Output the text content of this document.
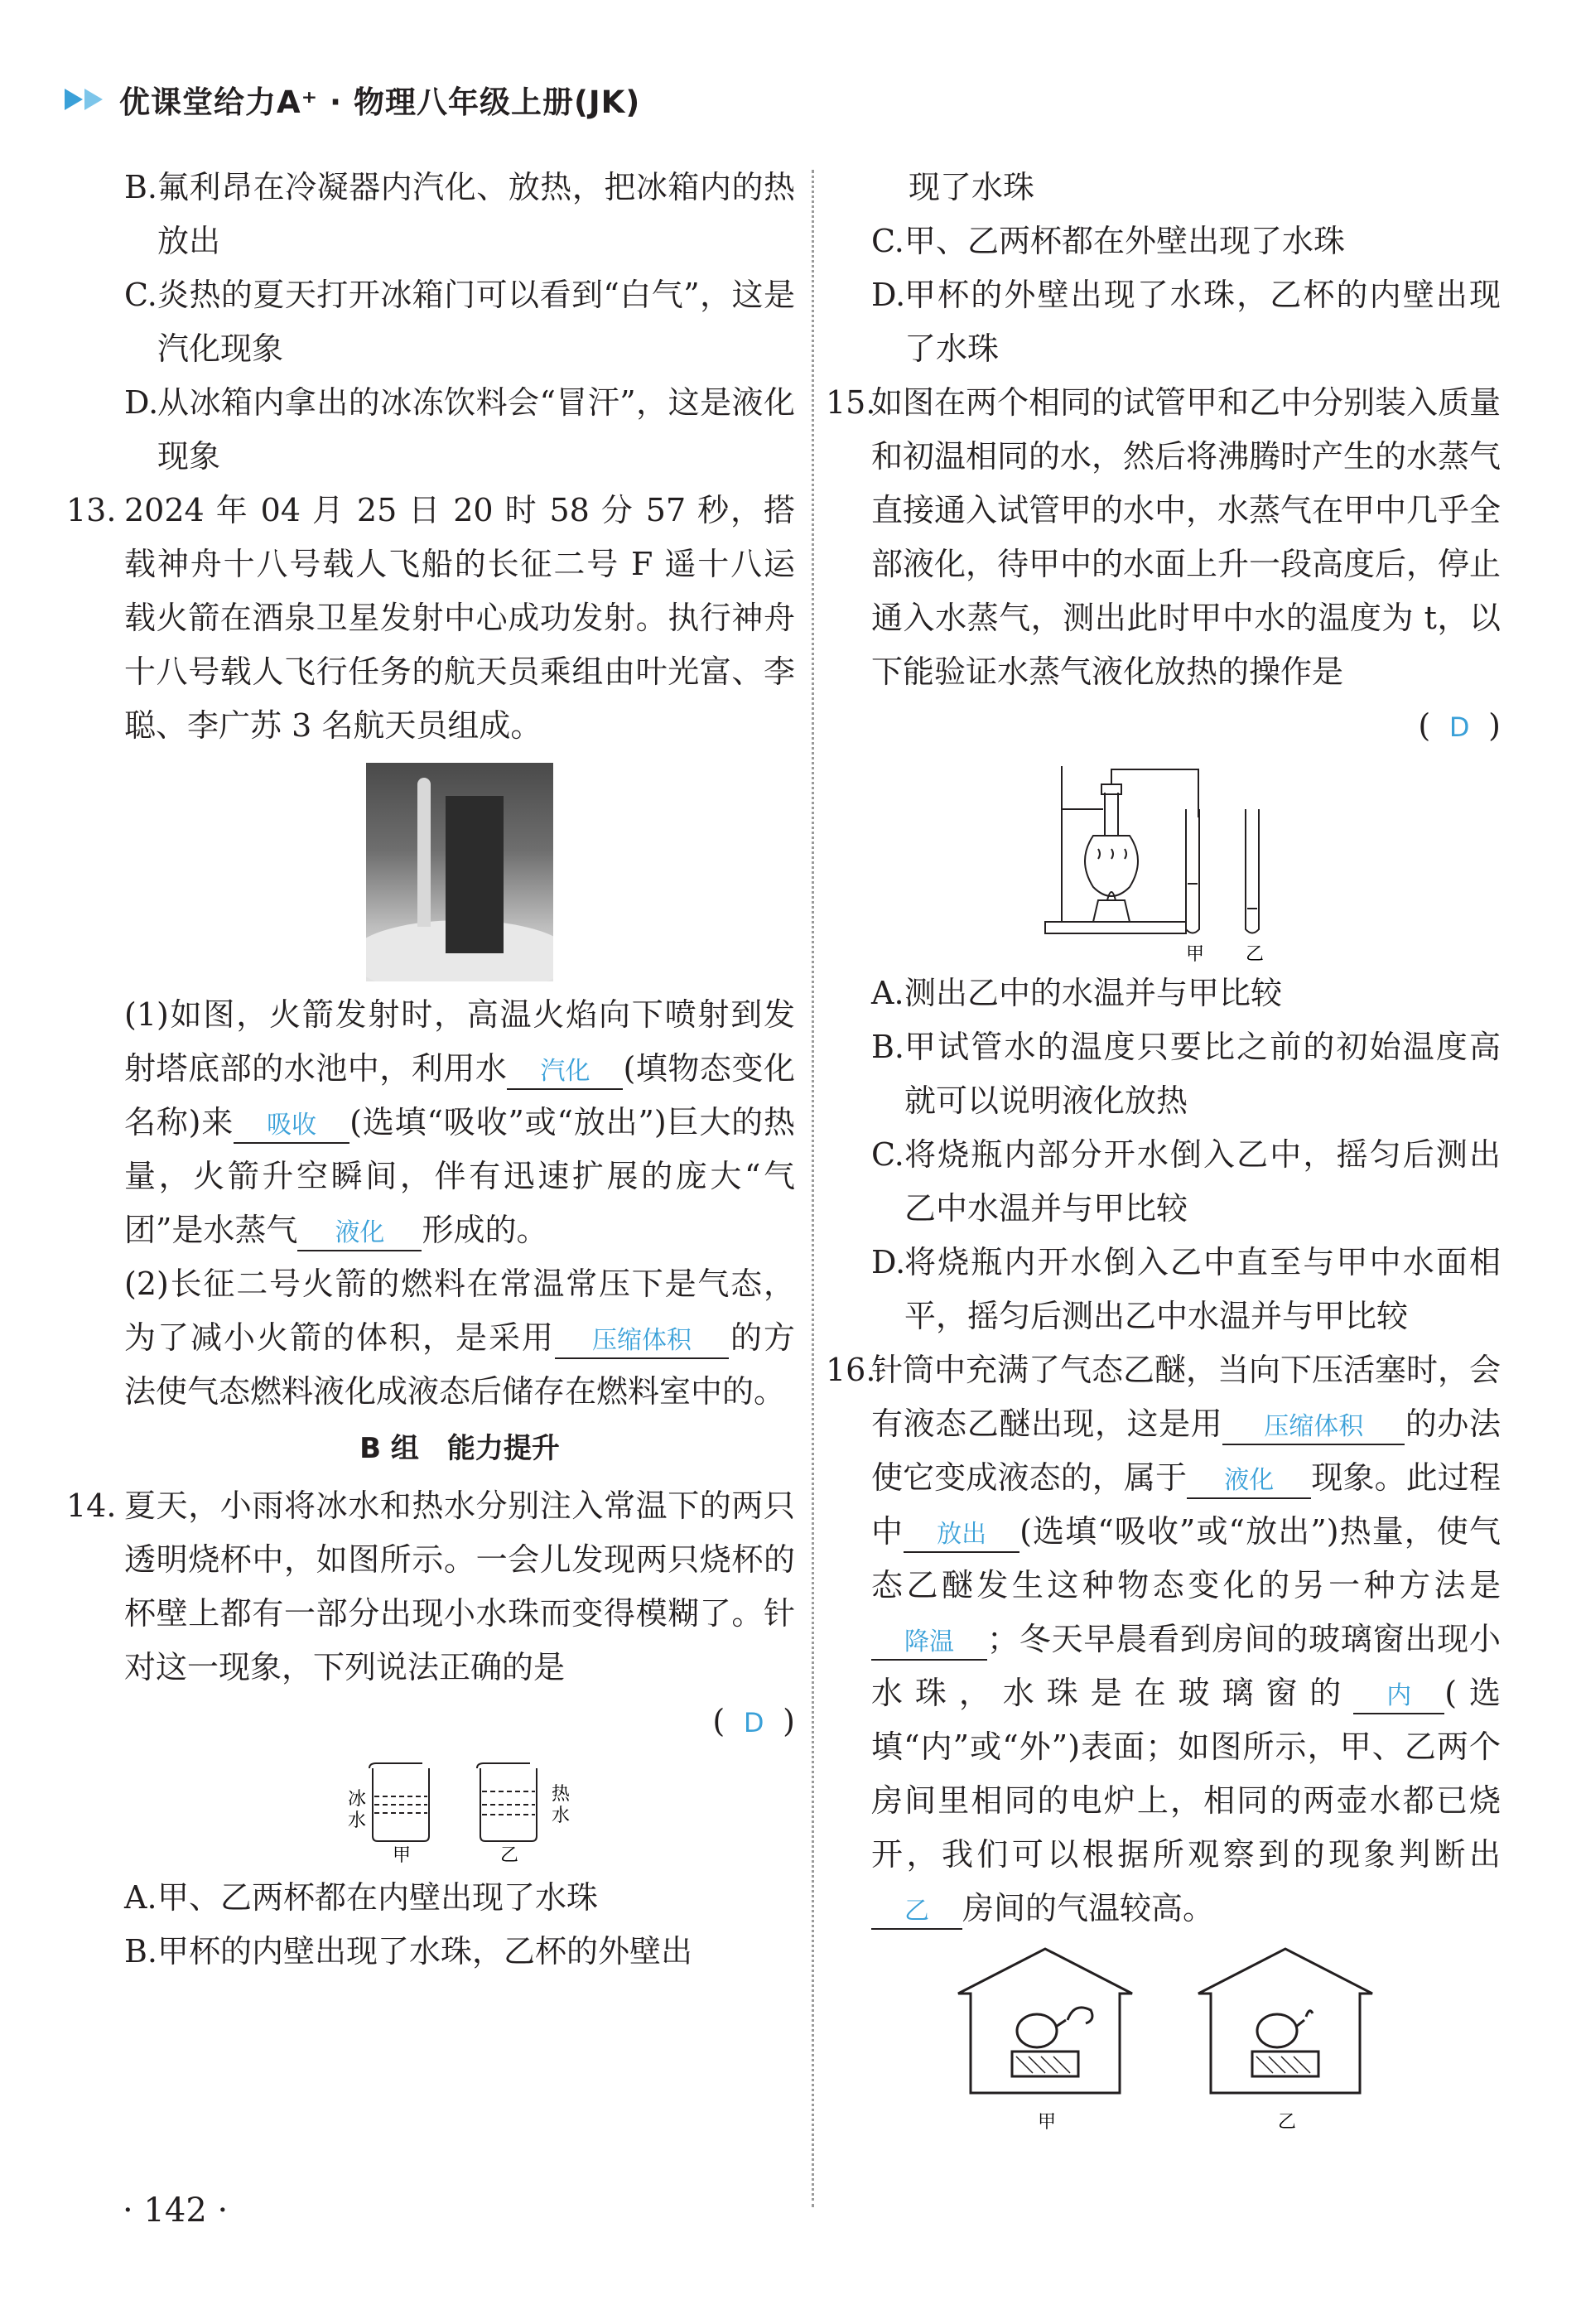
优课堂给力A⁺ · 物理八年级上册(JK)

B. 氟利昂在冷凝器内汽化、放热，把冰箱内的热放出

C. 炎热的夏天打开冰箱门可以看到“白气”，这是汽化现象

D.
从冰箱内拿出的冰冻饮料会“冒汗”，这是液化现象

13. 2024 年 04 月 25 日 20 时 58 分 57 秒，搭载神舟十八号载人飞船的长征二号 F 遥十八运载火箭在酒泉卫星发射中心成功发射。执行神舟十八号载人飞行任务的航天员乘组由叶光富、李聪、李广苏 3 名航天员组成。

(1)如图，火箭发射时，高温火焰向下喷射到发射塔底部的水池中，利用水 汽化 (填物态变化名称)来 吸收 (选填“吸收”或“放出”)巨大的热量，火箭升空瞬间，伴有迅速扩展的庞大“气团”是水蒸气 液化 形成的。

(2)长征二号火箭的燃料在常温常压下是气态，为了减小火箭的体积，是采用 压缩体积 的方法使气态燃料液化成液态后储存在燃料室中的。

B 组　能力提升

14. 夏天，小雨将冰水和热水分别注入常温下的两只透明烧杯中，如图所示。一会儿发现两只烧杯的杯壁上都有一部分出现小水珠而变得模糊了。针对这一现象，下列说法正确的是

( D )

冰
水
热
水
甲	乙

A. 甲、乙两杯都在内壁出现了水珠

B. 甲杯的内壁出现了水珠，乙杯的外壁出

现了水珠

C. 甲、乙两杯都在外壁出现了水珠

D.
甲杯的外壁出现了水珠，乙杯的内壁出现了水珠

15.
如图在两个相同的试管甲和乙中分别装入质量和初温相同的水，然后将沸腾时产生的水蒸气直接通入试管甲的水中，水蒸气在甲中几乎全部液化，待甲中的水面上升一段高度后，停止通入水蒸气，测出此时甲中水的温度为 t，以下能验证水蒸气液化放热的操作是

( D )

甲 乙

A. 测出乙中的水温并与甲比较

B. 甲试管水的温度只要比之前的初始温度高就可以说明液化放热

C. 将烧瓶内部分开水倒入乙中，摇匀后测出乙中水温并与甲比较

D.
将烧瓶内开水倒入乙中直至与甲中水面相平，摇匀后测出乙中水温并与甲比较

16.
针筒中充满了气态乙醚，当向下压活塞时，会有液态乙醚出现，这是用 压缩体积 的办法使它变成液态的，属于 液化 现象。此过程中 放出 (选填“吸收”或“放出”)热量，使气态乙醚发生这种物态变化的另一种方法是降温 ；冬天早晨看到房间的玻璃窗出现小水珠，水珠是在玻璃窗的 内 (选填“内”或“外”)表面；如图所示，甲、乙两个房间里相同的电炉上，相同的两壶水都已烧开，我们可以根据所观察到的现象判断出乙 房间的气温较高。

甲	乙
· 142 ·
